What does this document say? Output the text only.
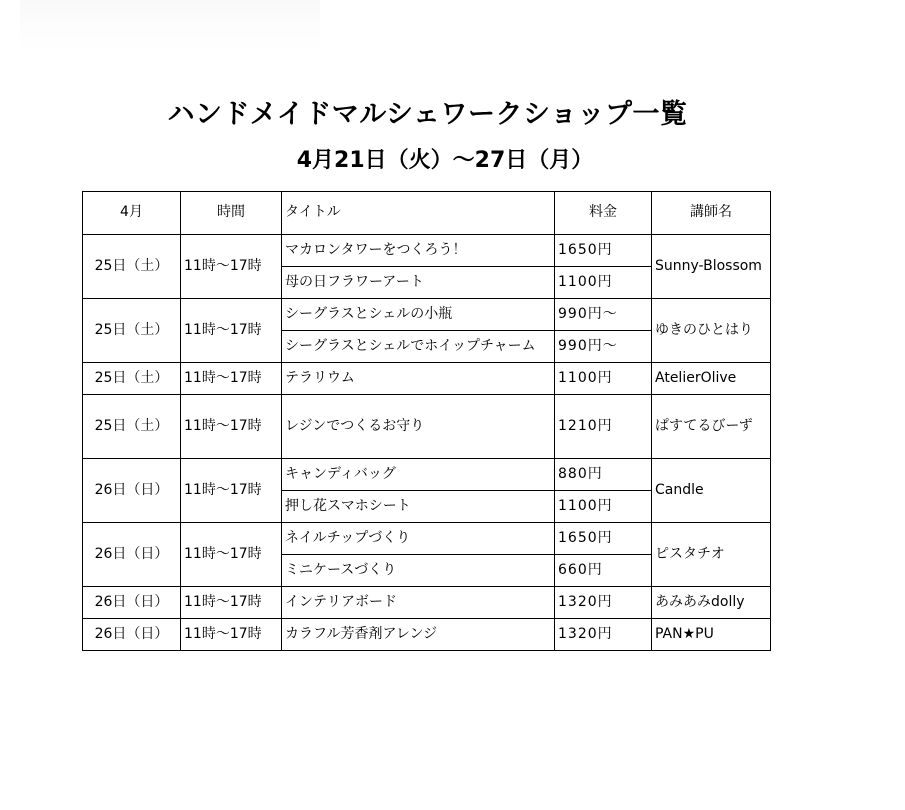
ハンドメイドマルシェワークショップ一覧
4月21日（火）～27日（月）
4月	時間	タイトル	料金	講師名
25日（土）	11時～17時	マカロンタワーをつくろう！	1650円	Sunny-Blossom
		母の日フラワーアート	1100円	
25日（土）	11時～17時	シーグラスとシェルの小瓶	990円～	ゆきのひとはり
		シーグラスとシェルでホイップチャーム	990円～	
25日（土）	11時～17時	テラリウム	1100円	AtelierOlive
25日（土）	11時～17時	レジンでつくるお守り	1210円	ぱすてるびーず
26日（日）	11時～17時	キャンディバッグ	880円	Candle
		押し花スマホシート	1100円	
26日（日）	11時～17時	ネイルチップづくり	1650円	ピスタチオ
		ミニケースづくり	660円	
26日（日）	11時～17時	インテリアボード	1320円	あみあみdolly
26日（日）	11時～17時	カラフル芳香剤アレンジ	1320円	PAN★PU
